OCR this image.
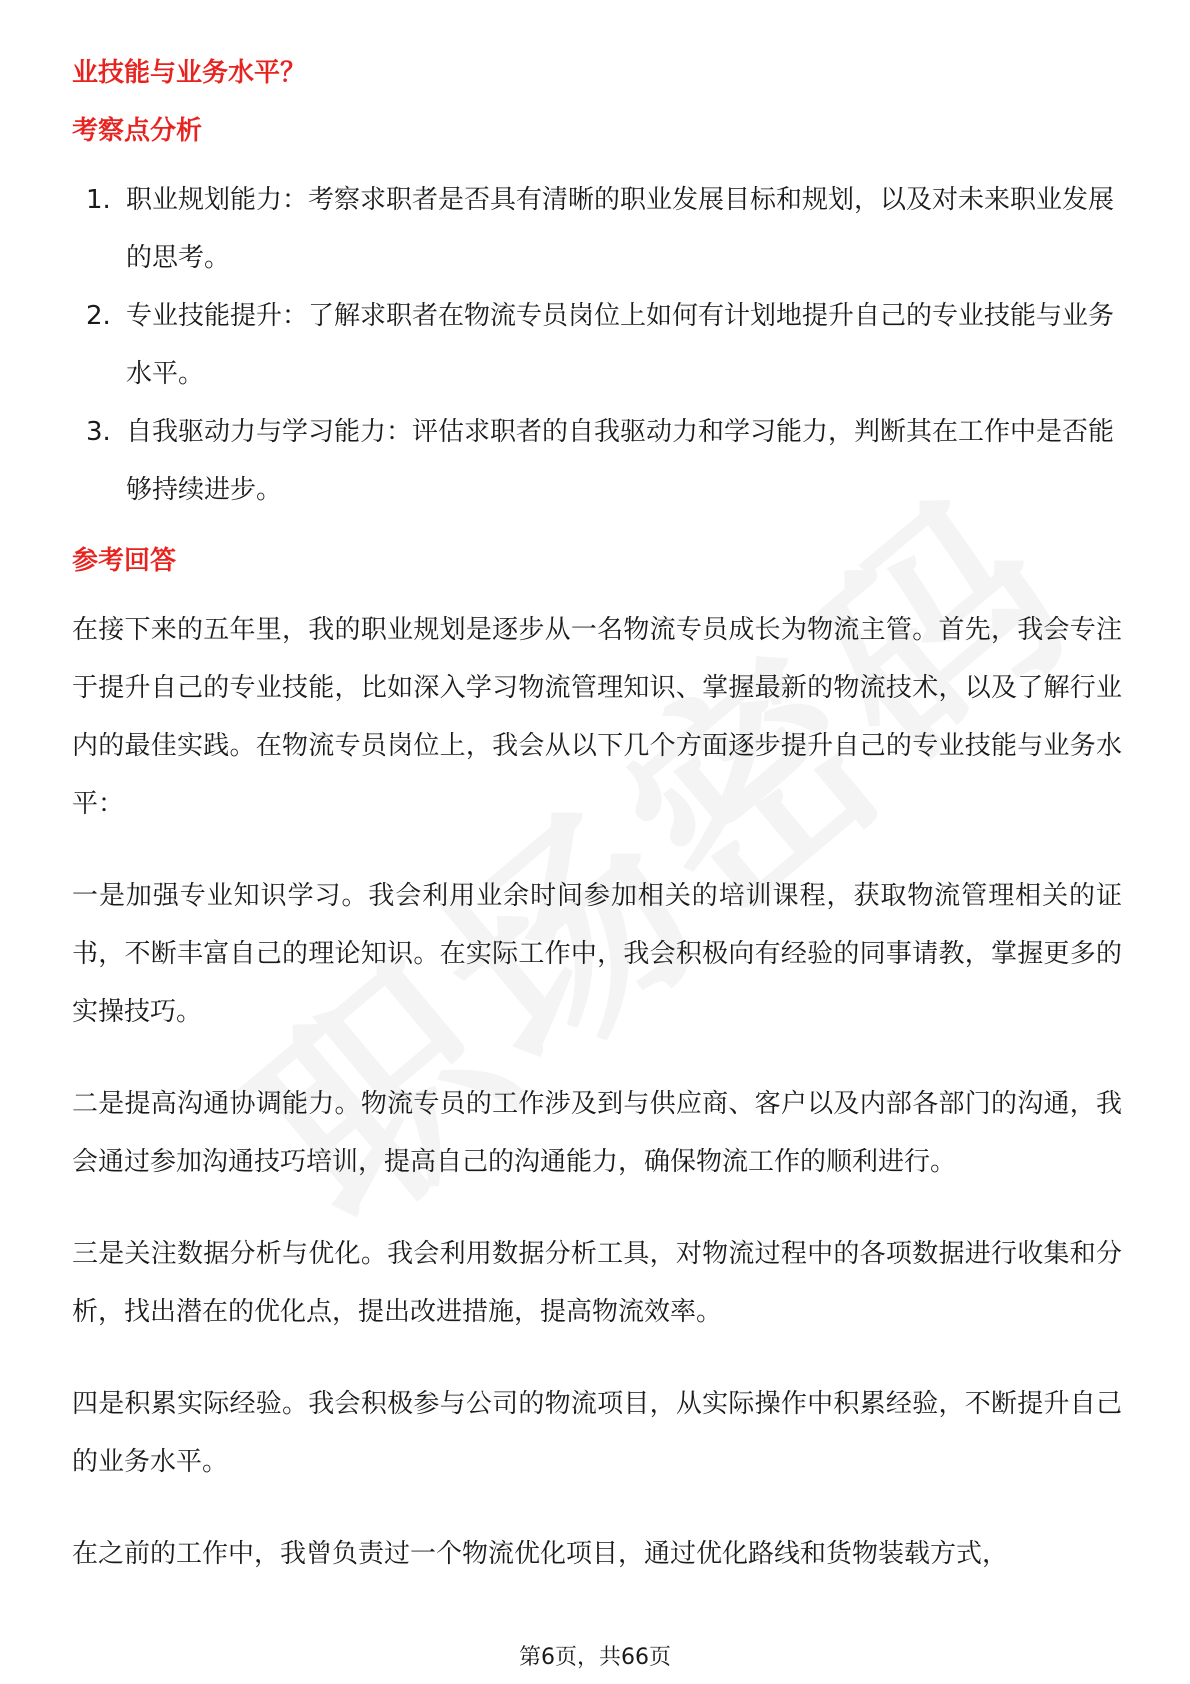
业技能与业务水平？

考察点分析

1. 职业规划能力：考察求职者是否具有清晰的职业发展目标和规划，以及对未来职业发展的思考。
2. 专业技能提升：了解求职者在物流专员岗位上如何有计划地提升自己的专业技能与业务水平。
3. 自我驱动力与学习能力：评估求职者的自我驱动力和学习能力，判断其在工作中是否能够持续进步。

参考回答

在接下来的五年里，我的职业规划是逐步从一名物流专员成长为物流主管。首先，我会专注于提升自己的专业技能，比如深入学习物流管理知识、掌握最新的物流技术，以及了解行业内的最佳实践。在物流专员岗位上，我会从以下几个方面逐步提升自己的专业技能与业务水平：

一是加强专业知识学习。我会利用业余时间参加相关的培训课程，获取物流管理相关的证书，不断丰富自己的理论知识。在实际工作中，我会积极向有经验的同事请教，掌握更多的实操技巧。

二是提高沟通协调能力。物流专员的工作涉及到与供应商、客户以及内部各部门的沟通，我会通过参加沟通技巧培训，提高自己的沟通能力，确保物流工作的顺利进行。

三是关注数据分析与优化。我会利用数据分析工具，对物流过程中的各项数据进行收集和分析，找出潜在的优化点，提出改进措施，提高物流效率。

四是积累实际经验。我会积极参与公司的物流项目，从实际操作中积累经验，不断提升自己的业务水平。

在之前的工作中，我曾负责过一个物流优化项目，通过优化路线和货物装载方式，

第6页，共66页
